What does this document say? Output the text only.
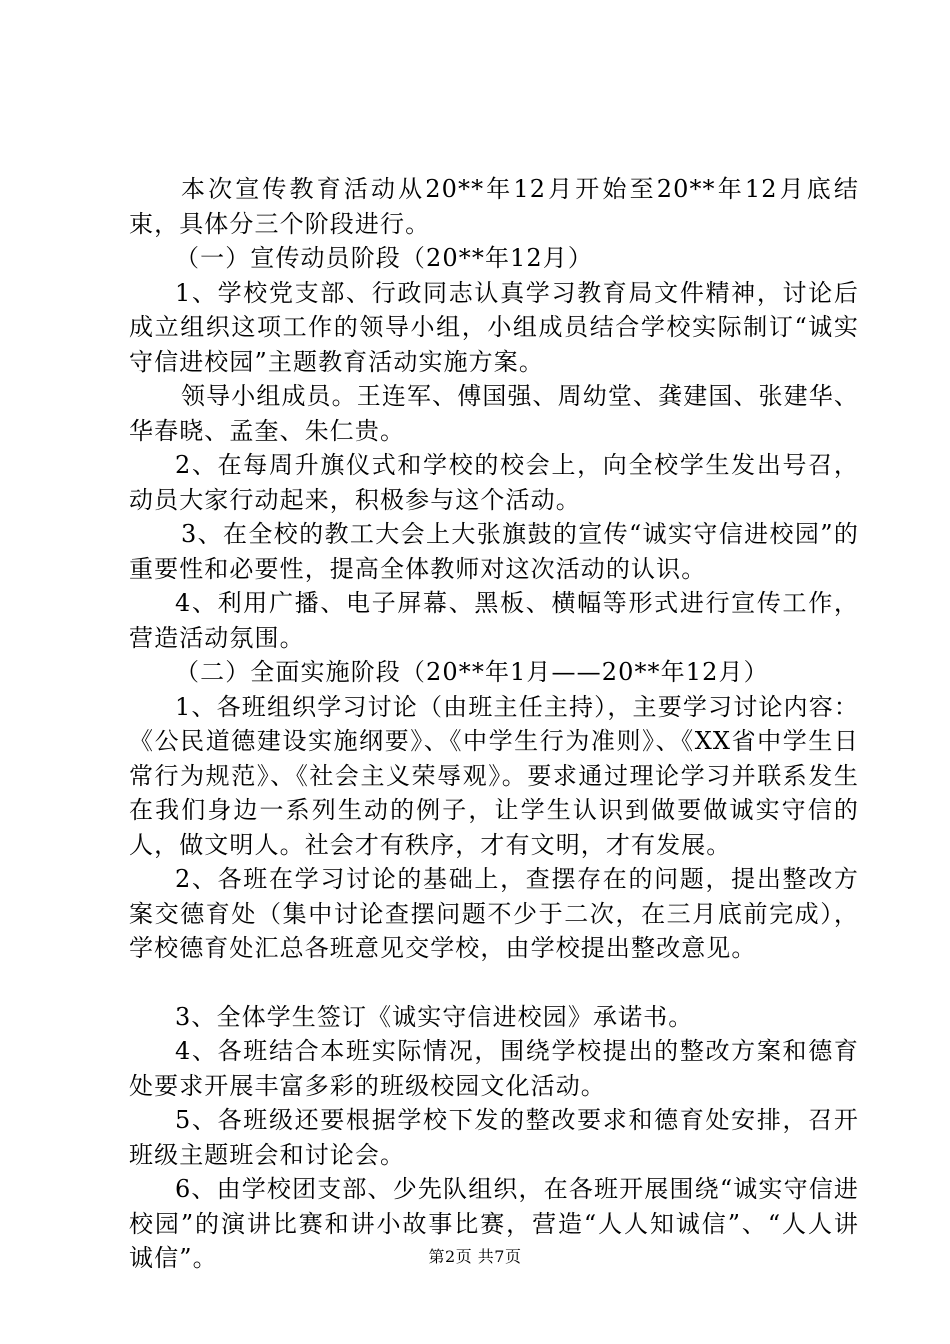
本次宣传教育活动从20**年12月开始至20**年12月底结束，具体分三个阶段进行。

（一）宣传动员阶段（20**年12月）

1、学校党支部、行政同志认真学习教育局文件精神，讨论后成立组织这项工作的领导小组，小组成员结合学校实际制订“诚实守信进校园”主题教育活动实施方案。

领导小组成员。王连军、傅国强、周幼堂、龚建国、张建华、华春晓、孟奎、朱仁贵。

2、在每周升旗仪式和学校的校会上，向全校学生发出号召，动员大家行动起来，积极参与这个活动。

3、在全校的教工大会上大张旗鼓的宣传“诚实守信进校园”的重要性和必要性，提高全体教师对这次活动的认识。

4、利用广播、电子屏幕、黑板、横幅等形式进行宣传工作，营造活动氛围。

（二）全面实施阶段（20**年1月——20**年12月）

1、各班组织学习讨论（由班主任主持），主要学习讨论内容：《公民道德建设实施纲要》、《中学生行为准则》、《XX省中学生日常行为规范》、《社会主义荣辱观》。要求通过理论学习并联系发生在我们身边一系列生动的例子，让学生认识到做要做诚实守信的人，做文明人。社会才有秩序，才有文明，才有发展。

2、各班在学习讨论的基础上，查摆存在的问题，提出整改方案交德育处（集中讨论查摆问题不少于二次，在三月底前完成），学校德育处汇总各班意见交学校，由学校提出整改意见。

3、全体学生签订《诚实守信进校园》承诺书。

4、各班结合本班实际情况，围绕学校提出的整改方案和德育处要求开展丰富多彩的班级校园文化活动。

5、各班级还要根据学校下发的整改要求和德育处安排，召开班级主题班会和讨论会。

6、由学校团支部、少先队组织，在各班开展围绕“诚实守信进校园”的演讲比赛和讲小故事比赛，营造“人人知诚信”、“人人讲诚信”。	第2页 共7页
